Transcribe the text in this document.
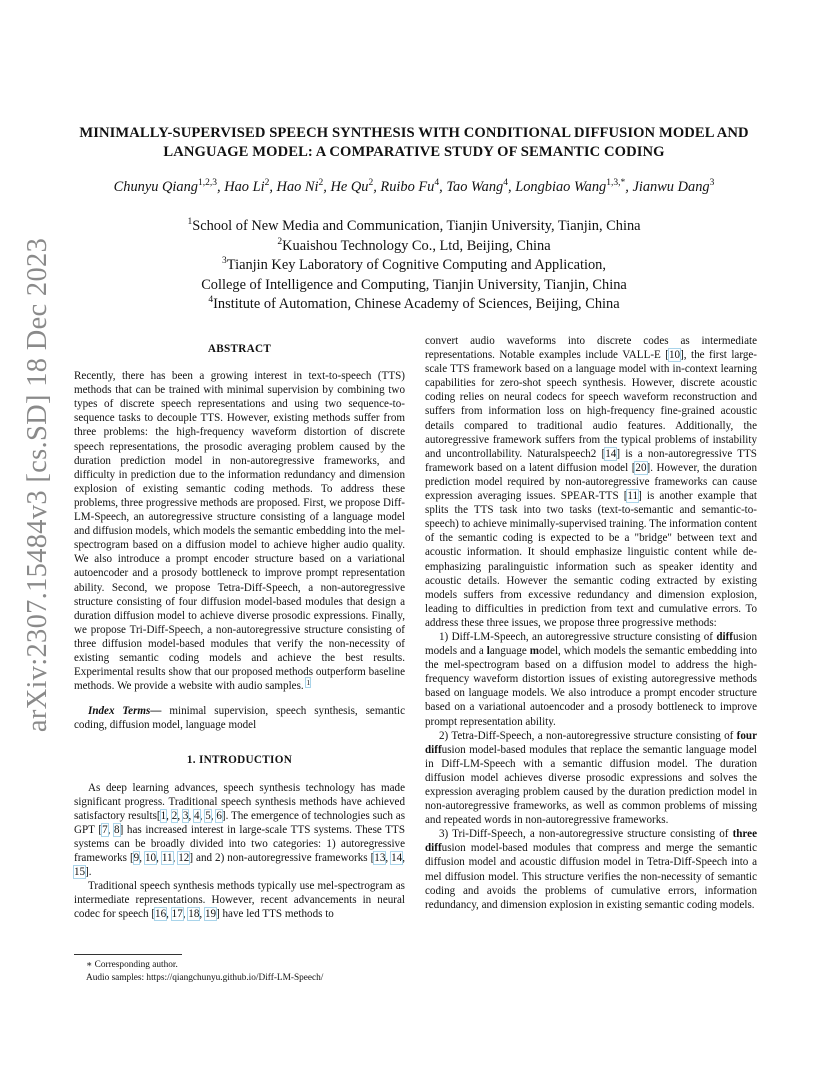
arXiv:2307.15484v3 [cs.SD] 18 Dec 2023
MINIMALLY-SUPERVISED SPEECH SYNTHESIS WITH CONDITIONAL DIFFUSION MODEL AND LANGUAGE MODEL: A COMPARATIVE STUDY OF SEMANTIC CODING
Chunyu Qiang$^{1,2,3}$, Hao Li$^2$, Hao Ni$^2$, He Qu$^2$, Ruibo Fu$^4$, Tao Wang$^4$, Longbiao Wang$^{1,3,*}$, Jianwu Dang$^3$
$^1$School of New Media and Communication, Tianjin University, Tianjin, China
$^2$Kuaishou Technology Co., Ltd, Beijing, China
$^3$Tianjin Key Laboratory of Cognitive Computing and Application,
College of Intelligence and Computing, Tianjin University, Tianjin, China
$^4$Institute of Automation, Chinese Academy of Sciences, Beijing, China
ABSTRACT

Recently, there has been a growing interest in text-to-speech (TTS) methods that can be trained with minimal supervision by combining two types of discrete speech representations and using two sequence-to-sequence tasks to decouple TTS. However, existing methods suffer from three problems: the high-frequency waveform distortion of discrete speech representations, the prosodic averaging problem caused by the duration prediction model in non-autoregressive frameworks, and difficulty in prediction due to the information redundancy and dimension explosion of existing semantic coding methods. To address these problems, three progressive methods are proposed. First, we propose Diff-LM-Speech, an autoregressive structure consisting of a language model and diffusion models, which models the semantic embedding into the mel-spectrogram based on a diffusion model to achieve higher audio quality. We also introduce a prompt encoder structure based on a variational autoencoder and a prosody bottleneck to improve prompt representation ability. Second, we propose Tetra-Diff-Speech, a non-autoregressive structure consisting of four diffusion model-based modules that design a duration diffusion model to achieve diverse prosodic expressions. Finally, we propose Tri-Diff-Speech, a non-autoregressive structure consisting of three diffusion model-based modules that verify the non-necessity of existing semantic coding models and achieve the best results. Experimental results show that our proposed methods outperform baseline methods. We provide a website with audio samples. $^1$

Index Terms— minimal supervision, speech synthesis, semantic coding, diffusion model, language model

1. INTRODUCTION

As deep learning advances, speech synthesis technology has made significant progress. Traditional speech synthesis methods have achieved satisfactory results[1, 2, 3, 4, 5, 6]. The emergence of technologies such as GPT [7, 8] has increased interest in large-scale TTS systems. These TTS systems can be broadly divided into two categories: 1) autoregressive frameworks [9, 10, 11, 12] and 2) non-autoregressive frameworks [13, 14, 15].

Traditional speech synthesis methods typically use mel-spectrogram as intermediate representations. However, recent advancements in neural codec for speech [16, 17, 18, 19] have led TTS methods to

∗ Corresponding author.

Audio samples: https://qiangchunyu.github.io/Diff-LM-Speech/

convert audio waveforms into discrete codes as intermediate representations. Notable examples include VALL-E [10], the first large-scale TTS framework based on a language model with in-context learning capabilities for zero-shot speech synthesis. However, discrete acoustic coding relies on neural codecs for speech waveform reconstruction and suffers from information loss on high-frequency fine-grained acoustic details compared to traditional audio features. Additionally, the autoregressive framework suffers from the typical problems of instability and uncontrollability. Naturalspeech2 [14] is a non-autoregressive TTS framework based on a latent diffusion model [20]. However, the duration prediction model required by non-autoregressive frameworks can cause expression averaging issues. SPEAR-TTS [11] is another example that splits the TTS task into two tasks (text-to-semantic and semantic-to-speech) to achieve minimally-supervised training. The information content of the semantic coding is expected to be a "bridge" between text and acoustic information. It should emphasize linguistic content while de-emphasizing paralinguistic information such as speaker identity and acoustic details. However the semantic coding extracted by existing models suffers from excessive redundancy and dimension explosion, leading to difficulties in prediction from text and cumulative errors. To address these three issues, we propose three progressive methods:

1) Diff-LM-Speech, an autoregressive structure consisting of diffusion models and a language model, which models the semantic embedding into the mel-spectrogram based on a diffusion model to address the high-frequency waveform distortion issues of existing autoregressive methods based on language models. We also introduce a prompt encoder structure based on a variational autoencoder and a prosody bottleneck to improve prompt representation ability.

2) Tetra-Diff-Speech, a non-autoregressive structure consisting of four diffusion model-based modules that replace the semantic language model in Diff-LM-Speech with a semantic diffusion model. The duration diffusion model achieves diverse prosodic expressions and solves the expression averaging problem caused by the duration prediction model in non-autoregressive frameworks, as well as common problems of missing and repeated words in non-autoregressive frameworks.

3) Tri-Diff-Speech, a non-autoregressive structure consisting of three diffusion model-based modules that compress and merge the semantic diffusion model and acoustic diffusion model in Tetra-Diff-Speech into a mel diffusion model. This structure verifies the non-necessity of semantic coding and avoids the problems of cumulative errors, information redundancy, and dimension explosion in existing semantic coding models.
